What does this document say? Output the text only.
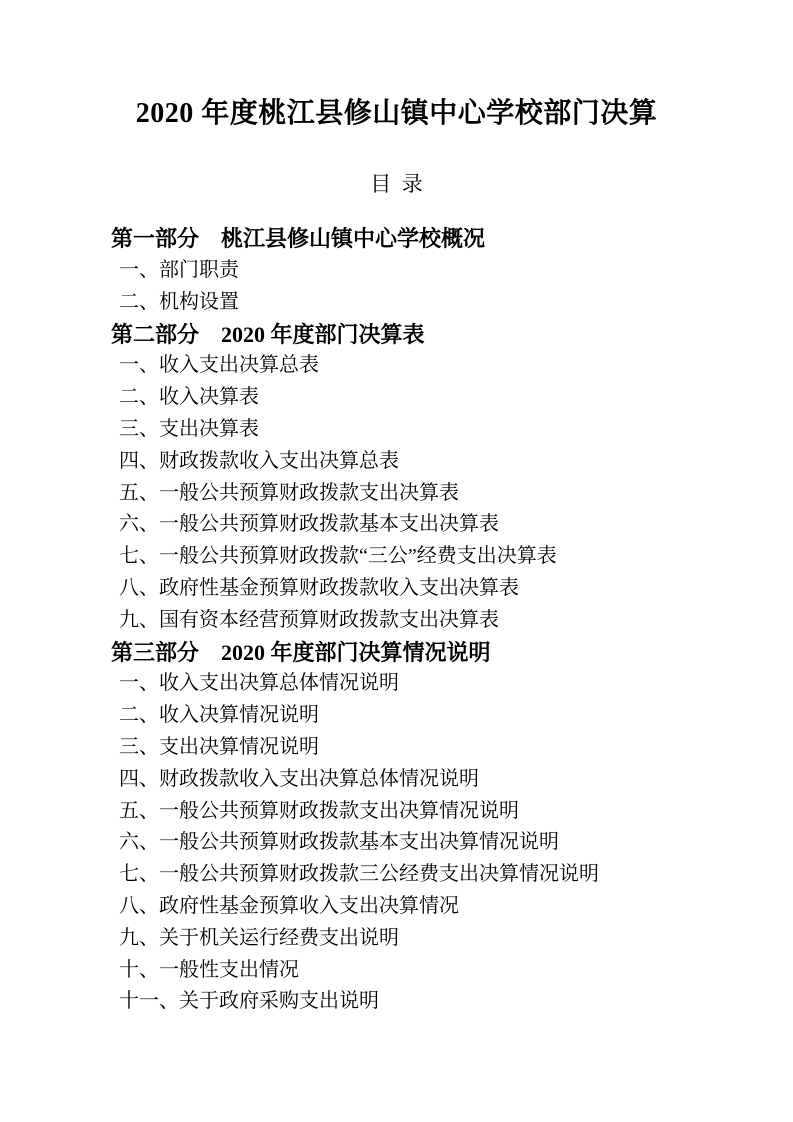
2020 年度桃江县修山镇中心学校部门决算
目  录
第一部分　桃江县修山镇中心学校概况
一、部门职责
二、机构设置
第二部分　2020 年度部门决算表
一、收入支出决算总表
二、收入决算表
三、支出决算表
四、财政拨款收入支出决算总表
五、一般公共预算财政拨款支出决算表
六、一般公共预算财政拨款基本支出决算表
七、一般公共预算财政拨款“三公”经费支出决算表
八、政府性基金预算财政拨款收入支出决算表
九、国有资本经营预算财政拨款支出决算表
第三部分　2020 年度部门决算情况说明
一、收入支出决算总体情况说明
二、收入决算情况说明
三、支出决算情况说明
四、财政拨款收入支出决算总体情况说明
五、一般公共预算财政拨款支出决算情况说明
六、一般公共预算财政拨款基本支出决算情况说明
七、一般公共预算财政拨款三公经费支出决算情况说明
八、政府性基金预算收入支出决算情况
九、关于机关运行经费支出说明
十、一般性支出情况
十一、关于政府采购支出说明
